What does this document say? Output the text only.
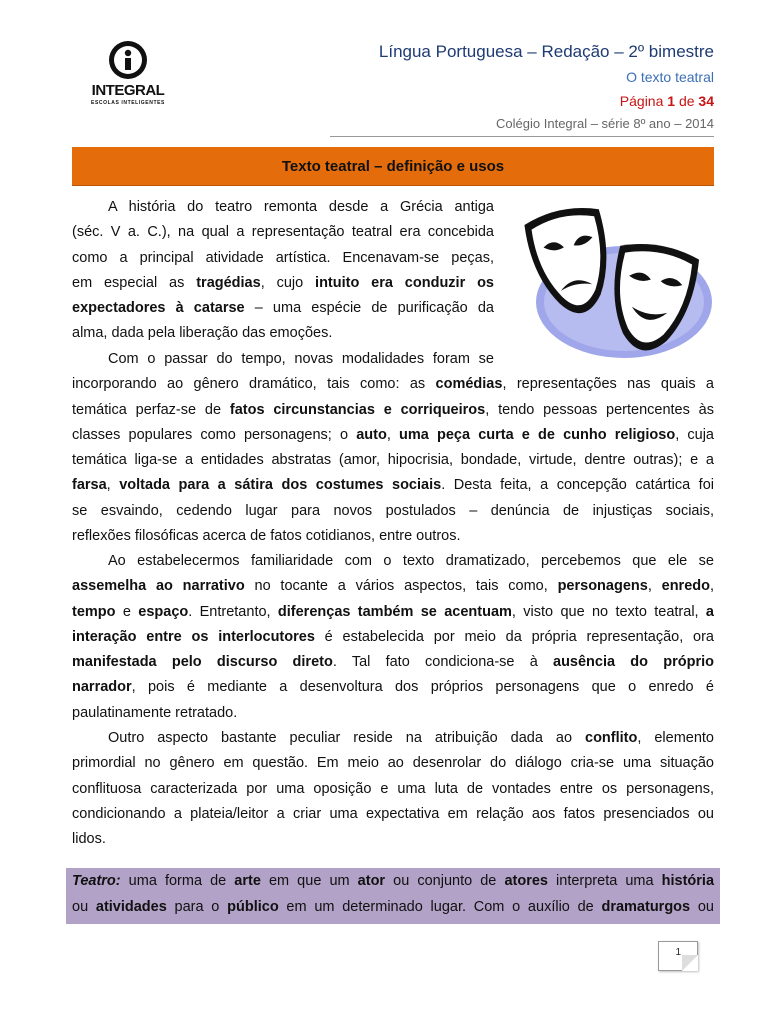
INTEGRAL
ESCOLAS INTELIGENTES
Língua Portuguesa – Redação – 2º bimestre
O texto teatral
Página 1 de 34
Colégio Integral – série 8º ano – 2014
Texto teatral – definição e usos
A história do teatro remonta desde a Grécia antiga
(séc. V a. C.), na qual a representação teatral era concebida
como a principal atividade artística. Encenavam-se peças,
em especial as tragédias, cujo intuito era conduzir os
expectadores à catarse – uma espécie de purificação da
alma, dada pela liberação das emoções.
Com o passar do tempo, novas modalidades foram se
incorporando ao gênero dramático, tais como: as comédias, representações nas quais a
temática perfaz-se de fatos circunstancias e corriqueiros, tendo pessoas pertencentes às
classes populares como personagens; o auto, uma peça curta e de cunho religioso, cuja
temática liga-se a entidades abstratas (amor, hipocrisia, bondade, virtude, dentre outras); e a
farsa, voltada para a sátira dos costumes sociais. Desta feita, a concepção catártica foi
se esvaindo, cedendo lugar para novos postulados – denúncia de injustiças sociais,
reflexões filosóficas acerca de fatos cotidianos, entre outros.
Ao estabelecermos familiaridade com o texto dramatizado, percebemos que ele se
assemelha ao narrativo no tocante a vários aspectos, tais como, personagens, enredo,
tempo e espaço. Entretanto, diferenças também se acentuam, visto que no texto teatral, a
interação entre os interlocutores é estabelecida por meio da própria representação, ora
manifestada pelo discurso direto. Tal fato condiciona-se à ausência do próprio
narrador, pois é mediante a desenvoltura dos próprios personagens que o enredo é
paulatinamente retratado.
Outro aspecto bastante peculiar reside na atribuição dada ao conflito, elemento
primordial no gênero em questão. Em meio ao desenrolar do diálogo cria-se uma situação
conflituosa caracterizada por uma oposição e uma luta de vontades entre os personagens,
condicionando a plateia/leitor a criar uma expectativa em relação aos fatos presenciados ou
lidos.
Teatro: uma forma de arte em que um ator ou conjunto de atores interpreta uma história
ou atividades para o público em um determinado lugar. Com o auxílio de dramaturgos ou
1
